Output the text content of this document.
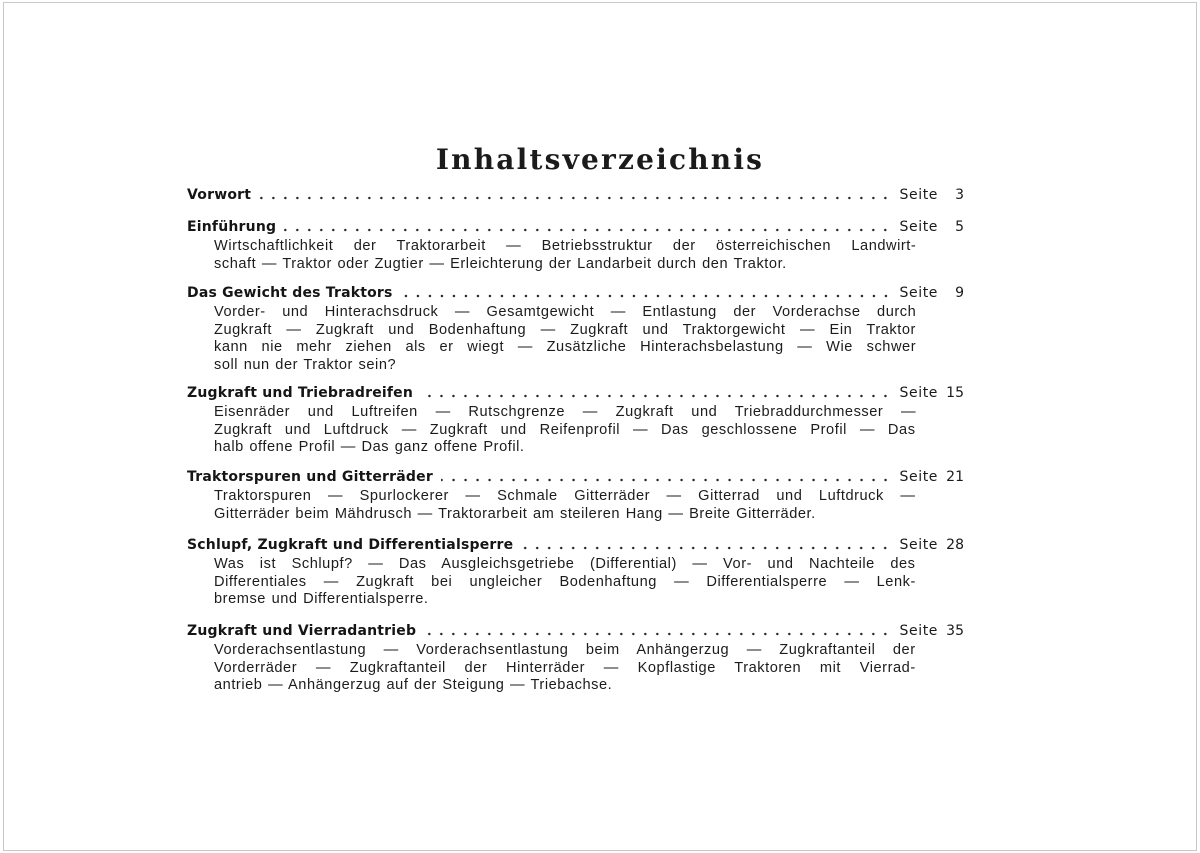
Inhaltsverzeichnis
Vorwort	Seite	3
Einführung	Seite	5
Wirtschaftlichkeit der Traktorarbeit — Betriebsstruktur der österreichischen Landwirt-
schaft — Traktor oder Zugtier — Erleichterung der Landarbeit durch den Traktor.
Das Gewicht des Traktors	Seite	9
Vorder- und Hinterachsdruck — Gesamtgewicht — Entlastung der Vorderachse durch
Zugkraft — Zugkraft und Bodenhaftung — Zugkraft und Traktorgewicht — Ein Traktor
kann nie mehr ziehen als er wiegt — Zusätzliche Hinterachsbelastung — Wie schwer
soll nun der Traktor sein?
Zugkraft und Triebradreifen	Seite 15
Eisenräder und Luftreifen — Rutschgrenze — Zugkraft und Triebraddurchmesser —
Zugkraft und Luftdruck — Zugkraft und Reifenprofil — Das geschlossene Profil — Das
halb offene Profil — Das ganz offene Profil.
Traktorspuren und Gitterräder	Seite 21
Traktorspuren — Spurlockerer — Schmale Gitterräder — Gitterrad und Luftdruck —
Gitterräder beim Mähdrusch — Traktorarbeit am steileren Hang — Breite Gitterräder.
Schlupf, Zugkraft und Differentialsperre	Seite 28
Was ist Schlupf? — Das Ausgleichsgetriebe (Differential) — Vor- und Nachteile des
Differentiales — Zugkraft bei ungleicher Bodenhaftung — Differentialsperre — Lenk-
bremse und Differentialsperre.
Zugkraft und Vierradantrieb	Seite 35
Vorderachsentlastung — Vorderachsentlastung beim Anhängerzug — Zugkraftanteil der
Vorderräder — Zugkraftanteil der Hinterräder — Kopflastige Traktoren mit Vierrad-
antrieb — Anhängerzug auf der Steigung — Triebachse.
